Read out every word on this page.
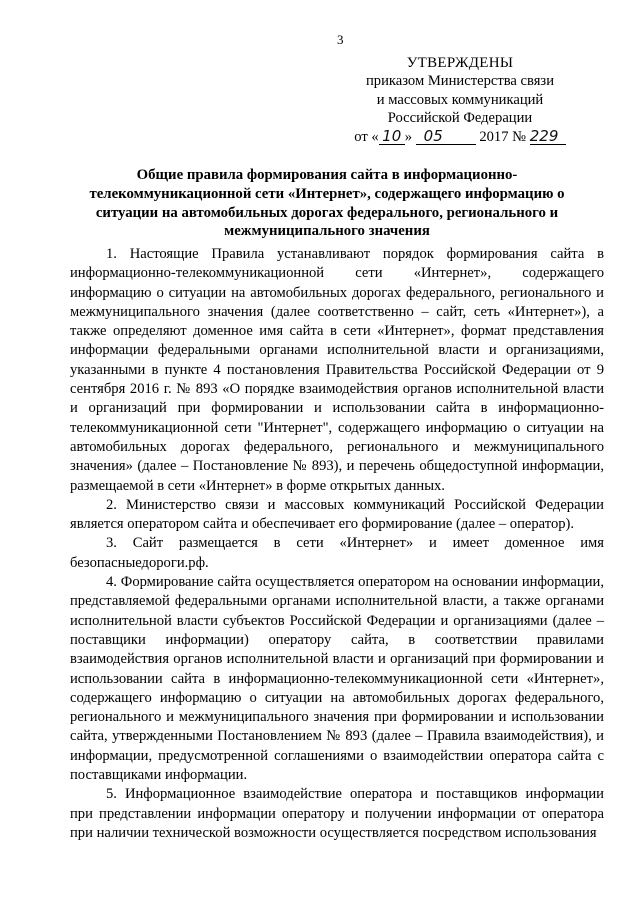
3
УТВЕРЖДЕНЫ
приказом Министерства связи
и массовых коммуникаций
Российской Федерации
от « 10 » 05	2017 № 229
Общие правила формирования сайта в информационно-телекоммуникационной сети «Интернет», содержащего информацию о ситуации на автомобильных дорогах федерального, регионального и межмуниципального значения

1. Настоящие Правила устанавливают порядок формирования сайта в информационно-телекоммуникационной сети «Интернет», содержащего информацию о ситуации на автомобильных дорогах федерального, регионального и межмуниципального значения (далее соответственно – сайт, сеть «Интернет»), а также определяют доменное имя сайта в сети «Интернет», формат представления информации федеральными органами исполнительной власти и организациями, указанными в пункте 4 постановления Правительства Российской Федерации от 9 сентября 2016 г. № 893 «О порядке взаимодействия органов исполнительной власти и организаций при формировании и использовании сайта в информационно-телекоммуникационной сети "Интернет", содержащего информацию о ситуации на автомобильных дорогах федерального, регионального и межмуниципального значения» (далее – Постановление № 893), и перечень общедоступной информации, размещаемой в сети «Интернет» в форме открытых данных.

2. Министерство связи и массовых коммуникаций Российской Федерации является оператором сайта и обеспечивает его формирование (далее – оператор).

3. Сайт размещается в сети «Интернет» и имеет доменное имя безопасныедороги.рф.

4. Формирование сайта осуществляется оператором на основании информации, представляемой федеральными органами исполнительной власти, а также органами исполнительной власти субъектов Российской Федерации и организациями (далее – поставщики информации) оператору сайта, в соответствии правилами взаимодействия органов исполнительной власти и организаций при формировании и использовании сайта в информационно-телекоммуникационной сети «Интернет», содержащего информацию о ситуации на автомобильных дорогах федерального, регионального и межмуниципального значения при формировании и использовании сайта, утвержденными Постановлением № 893 (далее – Правила взаимодействия), и информации, предусмотренной соглашениями о взаимодействии оператора сайта с поставщиками информации.

5. Информационное взаимодействие оператора и поставщиков информации при представлении информации оператору и получении информации от оператора при наличии технической возможности осуществляется посредством использования
